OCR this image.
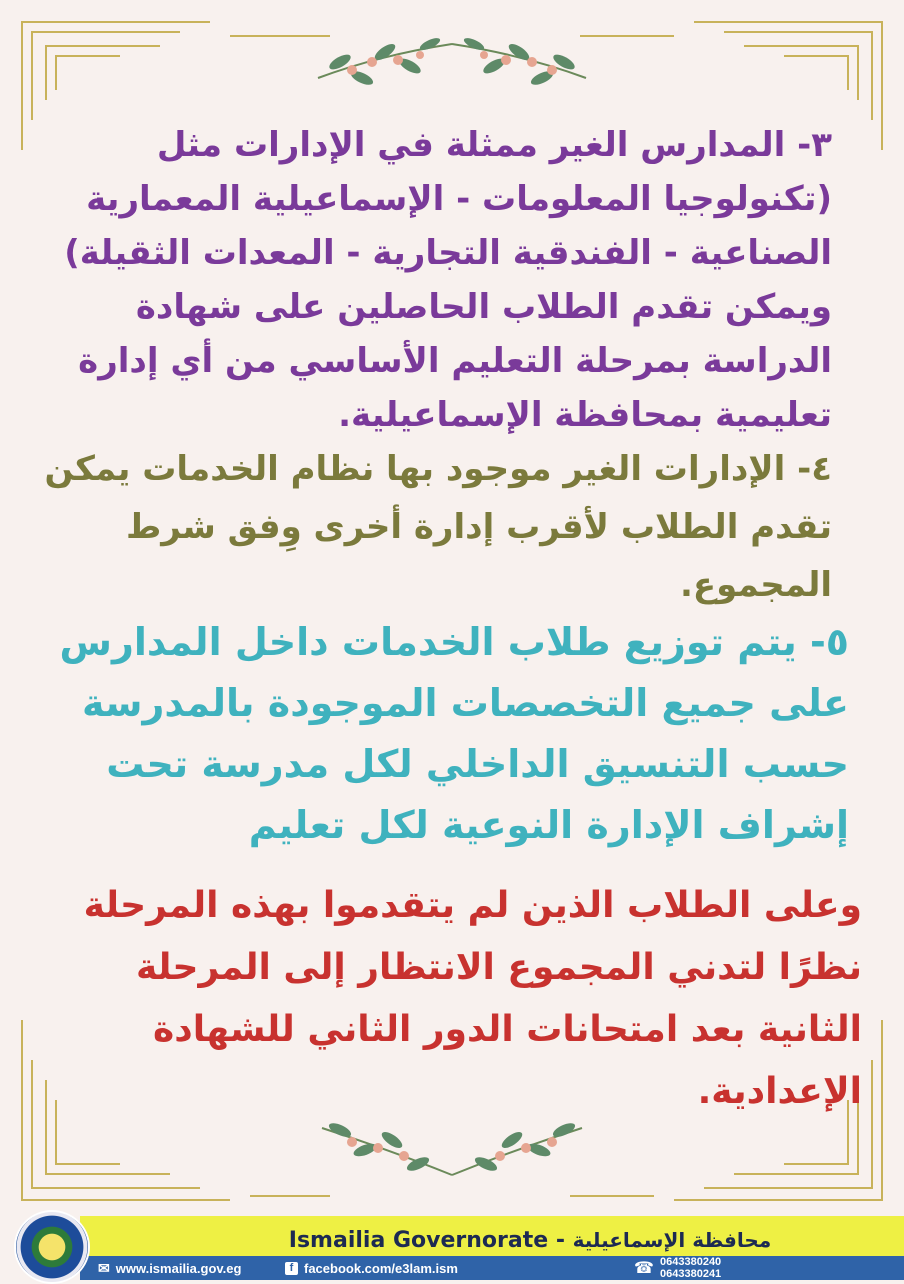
٣- المدارس الغير ممثلة في الإدارات مثل
(تكنولوجيا المعلومات - الإسماعيلية المعمارية
الصناعية - الفندقية التجارية - المعدات الثقيلة)
ويمكن تقدم الطلاب الحاصلين على شهادة
الدراسة بمرحلة التعليم الأساسي من أي إدارة
تعليمية بمحافظة الإسماعيلية.
٤- الإدارات الغير موجود بها نظام الخدمات يمكن
تقدم الطلاب لأقرب إدارة أخرى وِفق شرط
المجموع.
٥- يتم توزيع طلاب الخدمات داخل المدارس
على جميع التخصصات الموجودة بالمدرسة
حسب التنسيق الداخلي لكل مدرسة تحت
إشراف الإدارة النوعية لكل تعليم
وعلى الطلاب الذين لم يتقدموا بهذه المرحلة
نظرًا لتدني المجموع الانتظار إلى المرحلة
الثانية بعد امتحانات الدور الثاني للشهادة
الإعدادية.
Ismailia Governorate - محافظة الإسماعيلية
✉ www.ismailia.gov.eg	f facebook.com/e3lam.ism	☎ 0643380240
0643380241
